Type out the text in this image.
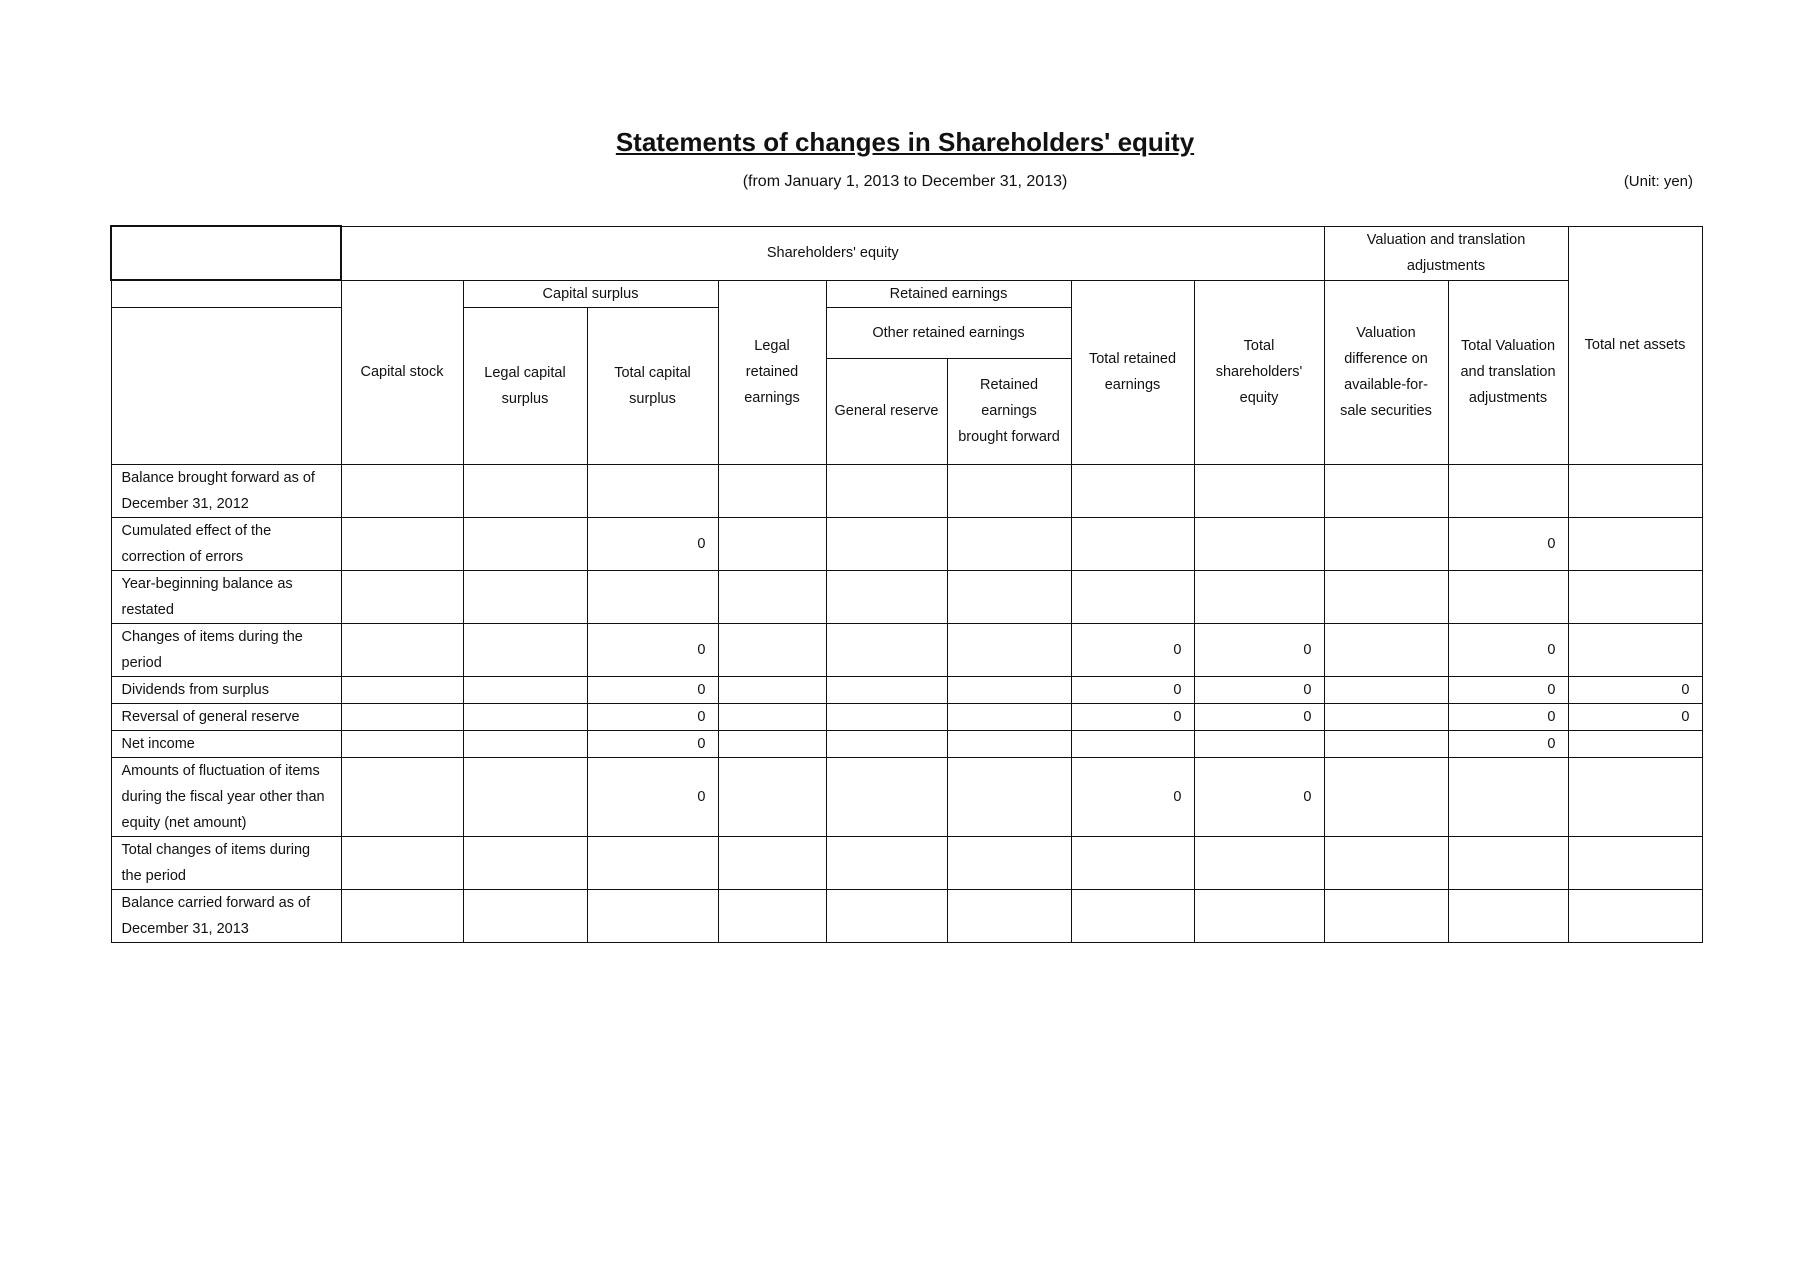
Statements of changes in Shareholders' equity
(from January 1, 2013 to December 31, 2013)	(Unit: yen)
	Shareholders' equity								Valuation and translation adjustments		Total net assets
	Capital stock	Capital surplus		Legal retained earnings	Retained earnings		Total retained earnings	Total shareholders' equity	Valuation difference on available-for-sale securities	Total Valuation and translation adjustments	
		Legal capital surplus	Total capital surplus		Other retained earnings						

					General reserve	Retained earnings brought forward					
Balance brought forward as of December 31, 2012											
Cumulated effect of the correction of errors			0							0	
Year-beginning balance as restated											
Changes of items during the period			0				0	0		0	
Dividends from surplus			0				0	0		0	0
Reversal of general reserve			0				0	0		0	0
Net income			0							0	
Amounts of fluctuation of items during the fiscal year other than equity (net amount)			0				0	0			
Total changes of items during the period											
Balance carried forward as of December 31, 2013											
